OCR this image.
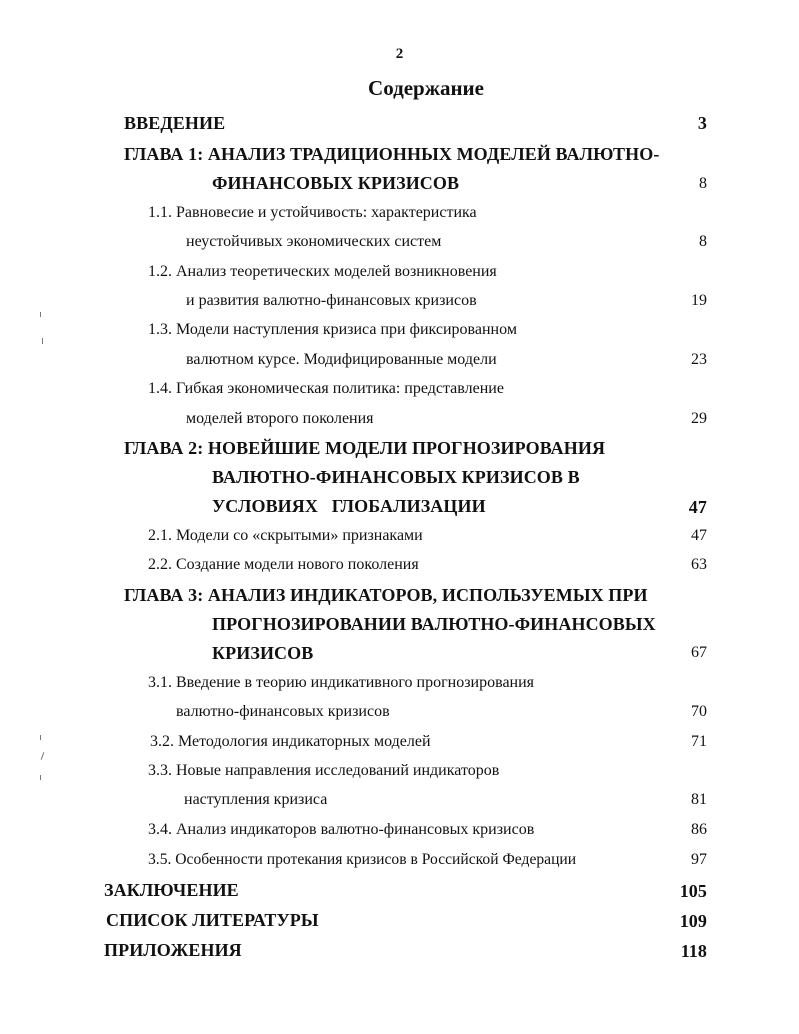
2
Содержание
ВВЕДЕНИЕ	3
ГЛАВА 1: АНАЛИЗ ТРАДИЦИОННЫХ МОДЕЛЕЙ ВАЛЮТНО-
ФИНАНСОВЫХ КРИЗИСОВ	8
1.1. Равновесие и устойчивость: характеристика
неустойчивых экономических систем	8
1.2. Анализ теоретических моделей возникновения
и развития валютно-финансовых кризисов	19
1.3. Модели наступления кризиса при фиксированном
валютном курсе. Модифицированные модели	23
1.4. Гибкая экономическая политика: представление
моделей второго поколения	29
ГЛАВА 2: НОВЕЙШИЕ МОДЕЛИ ПРОГНОЗИРОВАНИЯ
ВАЛЮТНО-ФИНАНСОВЫХ КРИЗИСОВ В
УСЛОВИЯХ   ГЛОБАЛИЗАЦИИ	47
2.1. Модели со «скрытыми» признаками	47
2.2. Создание модели нового поколения	63
ГЛАВА 3: АНАЛИЗ ИНДИКАТОРОВ, ИСПОЛЬЗУЕМЫХ ПРИ
ПРОГНОЗИРОВАНИИ ВАЛЮТНО-ФИНАНСОВЫХ
КРИЗИСОВ	67
3.1. Введение в теорию индикативного прогнозирования
валютно-финансовых кризисов	70
3.2. Методология индикаторных моделей	71
3.3. Новые направления исследований индикаторов
наступления кризиса	81
3.4. Анализ индикаторов валютно-финансовых кризисов	86
3.5. Особенности протекания кризисов в Российской Федерации	97
ЗАКЛЮЧЕНИЕ	105
СПИСОК ЛИТЕРАТУРЫ	109
ПРИЛОЖЕНИЯ	118
